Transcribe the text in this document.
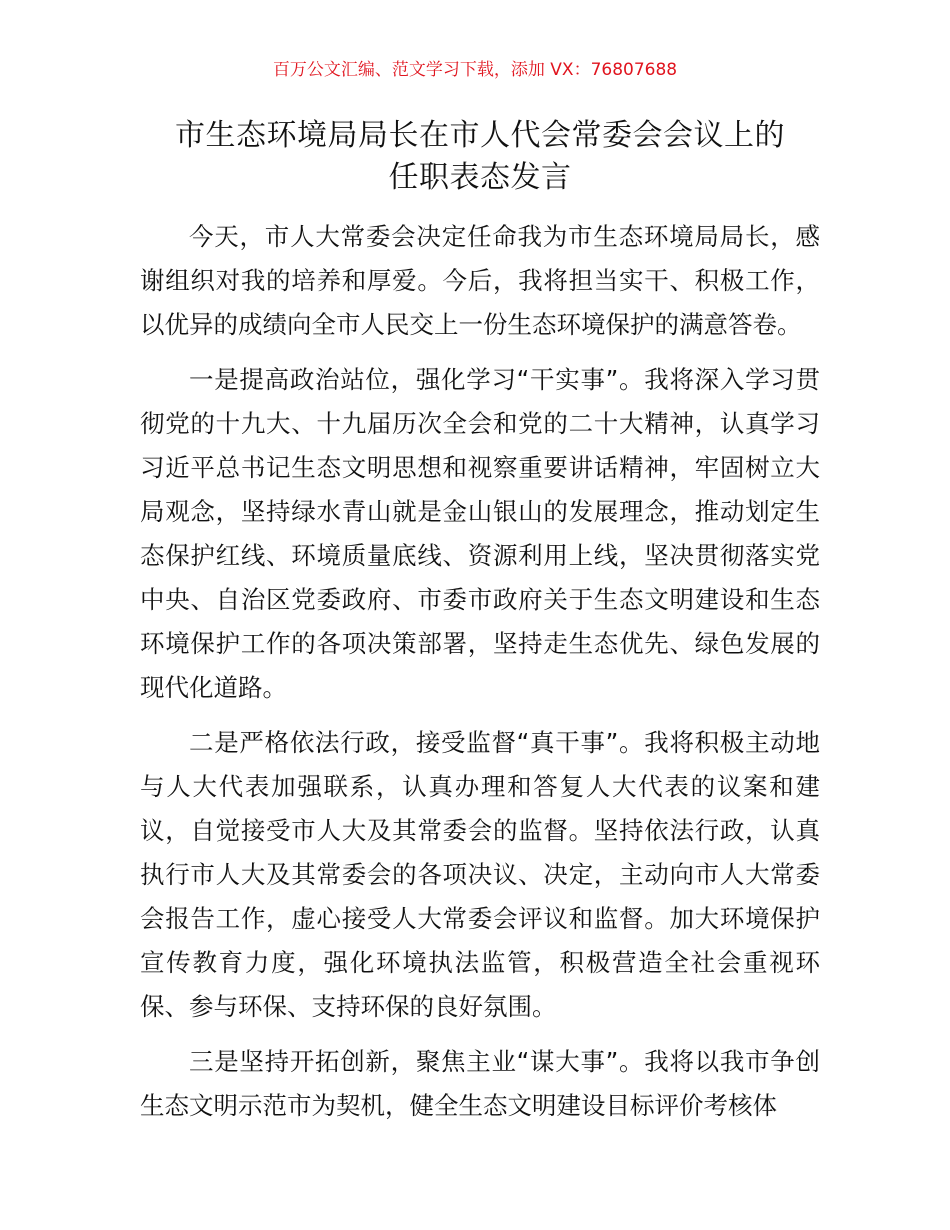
百万公文汇编、范文学习下载，添加 VX：76807688
市生态环境局局长在市人代会常委会会议上的
任职表态发言

今天，市人大常委会决定任命我为市生态环境局局长，感谢组织对我的培养和厚爱。今后，我将担当实干、积极工作，以优异的成绩向全市人民交上一份生态环境保护的满意答卷。

一是提高政治站位，强化学习“干实事”。我将深入学习贯彻党的十九大、十九届历次全会和党的二十大精神，认真学习习近平总书记生态文明思想和视察重要讲话精神，牢固树立大局观念，坚持绿水青山就是金山银山的发展理念，推动划定生态保护红线、环境质量底线、资源利用上线，坚决贯彻落实党中央、自治区党委政府、市委市政府关于生态文明建设和生态环境保护工作的各项决策部署，坚持走生态优先、绿色发展的现代化道路。

二是严格依法行政，接受监督“真干事”。我将积极主动地与人大代表加强联系，认真办理和答复人大代表的议案和建议，自觉接受市人大及其常委会的监督。坚持依法行政，认真执行市人大及其常委会的各项决议、决定，主动向市人大常委会报告工作，虚心接受人大常委会评议和监督。加大环境保护宣传教育力度，强化环境执法监管，积极营造全社会重视环保、参与环保、支持环保的良好氛围。

三是坚持开拓创新，聚焦主业“谋大事”。我将以我市争创生态文明示范市为契机，健全生态文明建设目标评价考核体
